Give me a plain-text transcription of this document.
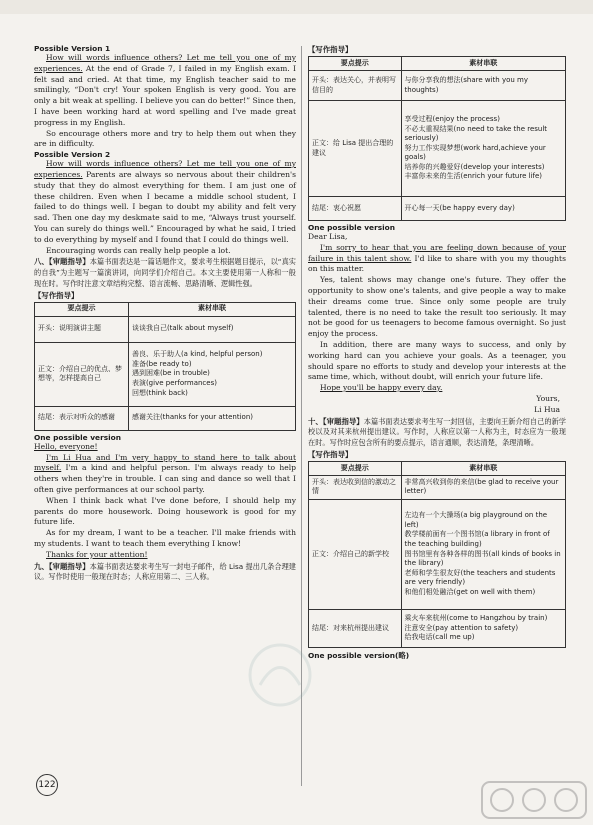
Possible Version 1

How will words influence others? Let me tell you one of my experiences. At the end of Grade 7, I failed in my English exam. I felt sad and cried. At that time, my English teacher said to me smilingly, “Don't cry! Your spoken English is very good. You are only a bit weak at spelling. I believe you can do better!” Since then, I have been working hard at word spelling and I've made great progress in my English.

So encourage others more and try to help them out when they are in difficulty.

Possible Version 2

How will words influence others? Let me tell you one of my experiences. Parents are always so nervous about their children's study that they do almost everything for them. I am just one of these children. Even when I became a middle school student, I failed to do things well. I began to doubt my ability and felt very sad. Then one day my deskmate said to me, “Always trust yourself. You can surely do things well.” Encouraged by what he said, I tried to do everything by myself and I found that I could do things well.

Encouraging words can really help people a lot.

八、【审题指导】本篇书面表达是一篇话题作文，要求考生根据题目提示，以“真实的自我”为主题写一篇演讲词，向同学们介绍自己。本文主要使用第一人称和一般现在时。写作时注意文章结构完整、语言流畅、思路清晰、逻辑性强。

【写作指导】
要点提示	素材串联
开头：说明演讲主题	谈谈我自己(talk about myself)
正文：介绍自己的优点、梦想等，怎样提高自己	善良、乐于助人(a kind, helpful person)
准备(be ready to)
遇到困难(be in trouble)
表演(give performances)
回想(think back)
结尾：表示对听众的感谢	感谢关注(thanks for your attention)
One possible version

Hello, everyone!

I'm Li Hua and I'm very happy to stand here to talk about myself. I'm a kind and helpful person. I'm always ready to help others when they're in trouble. I can sing and dance so well that I often give performances at our school party.

When I think back what I've done before, I should help my parents do more housework. Doing housework is good for my future life.

As for my dream, I want to be a teacher. I'll make friends with my students. I want to teach them everything I know!

Thanks for your attention!

九、【审题指导】本篇书面表达要求考生写一封电子邮件，给 Lisa 提出几条合理建议。写作时使用一般现在时态；人称应用第二、三人称。

【写作指导】
要点提示	素材串联
开头：表达关心，并表明写信目的	与你分享我的想法(share with you my thoughts)
正文：给 Lisa 提出合理的建议	享受过程(enjoy the process)
不必太重视结果(no need to take the result seriously)
努力工作实现梦想(work hard,achieve your goals)
培养你的兴趣爱好(develop your interests)
丰富你未来的生活(enrich your future life)
结尾：衷心祝愿	开心每一天(be happy every day)
One possible version

Dear Lisa,

I'm sorry to hear that you are feeling down because of your failure in this talent show. I'd like to share with you my thoughts on this matter.

Yes, talent shows may change one's future. They offer the opportunity to show one's talents, and give people a way to make their dreams come true. Since only some people are truly talented, there is no need to take the result too seriously. It may not be good for us teenagers to become famous overnight. So just enjoy the process.

In addition, there are many ways to success, and only by working hard can you achieve your goals. As a teenager, you should spare no efforts to study and develop your interests at the same time, which, without doubt, will enrich your future life.

Hope you'll be happy every day.

Yours,

Li Hua

十、【审题指导】本篇书面表达要求考生写一封回信，主要向王新介绍自己的新学校以及对其来杭州提出建议。写作时，人称应以第一人称为主，时态应为一般现在时。写作时应包含所有的要点提示，语言通顺，表达清楚，条理清晰。

【写作指导】
要点提示	素材串联
开头：表达收到信的激动之情	非常高兴收到你的来信(be glad to receive your letter)
正文：介绍自己的新学校	左边有一个大操场(a big playground on the left)
教学楼前面有一个图书馆(a library in front of the teaching building)
图书馆里有各种各样的图书(all kinds of books in the library)
老师和学生很友好(the teachers and students are very friendly)
和他们相处融洽(get on well with them)
结尾：对来杭州提出建议	乘火车来杭州(come to Hangzhou by train)
注意安全(pay attention to safety)
给我电话(call me up)
One possible version(略)
122
